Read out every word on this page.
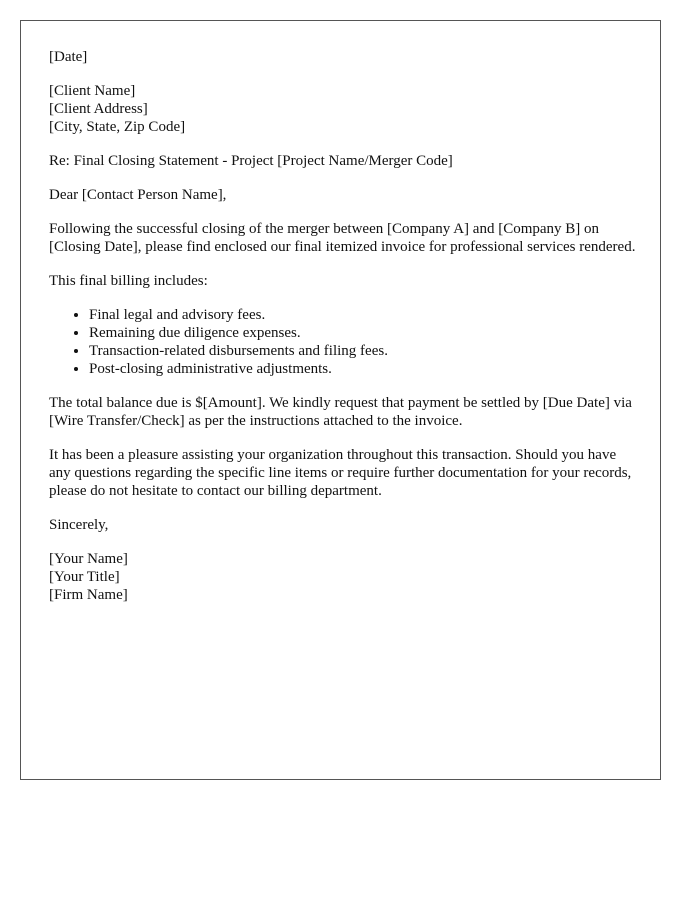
[Date]
[Client Name]
[Client Address]
[City, State, Zip Code]

Re: Final Closing Statement - Project [Project Name/Merger Code]

Dear [Contact Person Name],

Following the successful closing of the merger between [Company A] and [Company B] on [Closing Date], please find enclosed our final itemized invoice for professional services rendered.

This final billing includes:

• Final legal and advisory fees.
• Remaining due diligence expenses.
• Transaction-related disbursements and filing fees.
• Post-closing administrative adjustments.

The total balance due is $[Amount]. We kindly request that payment be settled by [Due Date] via [Wire Transfer/Check] as per the instructions attached to the invoice.

It has been a pleasure assisting your organization throughout this transaction. Should you have any questions regarding the specific line items or require further documentation for your records, please do not hesitate to contact our billing department.

Sincerely,

[Your Name]
[Your Title]
[Firm Name]
